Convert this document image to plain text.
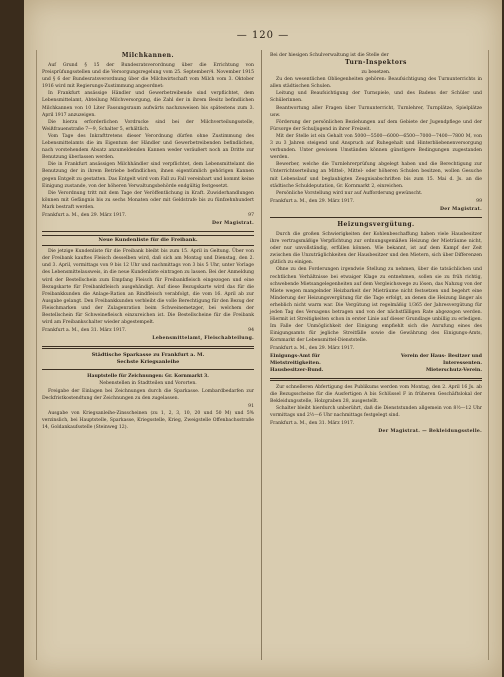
— 120 —
Milchkannen.

Auf Grund § 15 der Bundesratsverordnung über die Errichtung von Preisprüfungsstellen und die Versorgungsregelung vom 25. September/4. November 1915 und § 6 der Bundesratsverordnung über die Milchwirtschaft vom Milch vom 3. Oktober 1916 wird mit Regierungs-Zustimmung angeordnet:

In Frankfurt ansässige Händler und Gewerbetreibende sind verpflichtet, dem Lebensmittelamt, Abteilung Milchversorgung, die Zahl der in ihrem Besitz befindlichen Milchkannen von 10 Liter Fassungsraum aufwärts nachzuweisen bis spätestens zum 3. April 1917 anzuzeigen.

Die hierzu erforderlichen Vordrucke sind bei der Milchverteilungsstelle, Weißfrauenstraße 7—9, Schalter 5, erhältlich.

Vom Tage des Inkrafttretens dieser Verordnung dürfen ohne Zustimmung des Lebensmittelamts die im Eigentum der Händler und Gewerbetreibenden befindlichen, nach vorstehendem Absatz anzumeldenden Kannen weder veräußert noch an Dritte zur Benutzung überlassen werden.

Die in Frankfurt ansässigen Milchhändler sind verpflichtet, dem Lebensmittelamt die Benutzung der in ihrem Betriebe befindlichen, ihnen eigentümlich gehörigen Kannen gegen Entgelt zu gestatten. Das Entgelt wird vom Fall zu Fall vereinbart und kommt keine Einigung zustande, von der höheren Verwaltungsbehörde endgültig festgesetzt.

Die Verordnung tritt mit dem Tage der Veröffentlichung in Kraft. Zuwiderhandlungen können mit Gefängnis bis zu sechs Monaten oder mit Geldstrafe bis zu fünfzehnhundert Mark bestraft werden.

Frankfurt a. M., den 29. März 1917.	97
Der Magistrat.
Neue Kundenliste für die Freibank.

Die jetzige Kundenliste für die Freibank bleibt bis zum 15. April in Geltung. Über von der Freibank kauftes Fleisch desselben wird, daß sich am Montag und Dienstag, den 2. und 3. April, vormittags von 9 bis 12 Uhr und nachmittags von 3 bis 5 Uhr, unter Vorlage des Lebensmittelausweis, in die neue Kundenliste eintragen zu lassen. Bei der Anmeldung wird der Bestellschein zum Empfang Fleisch für Freibankfleisch eingezogen und eine Bezugskarte für Freibankfleisch ausgehändigt. Auf diese Bezugskarte wird das für die Freibankkunden die Anlage-Ration an Rindfleisch verabfolgt, die vom 16. April ab zur Ausgabe gelangt. Den Freibankkunden verbleibt die volle Berechtigung für den Bezug der Fleischmarken und der Zulagenration beim Schweinemetzger, bei welchem der Bestellschein für Schweinefleisch einzureichen ist. Die Bestellscheine für die Freibank wird am Freibankschalter wieder abgestempelt.

Frankfurt a. M., den 31. März 1917.	94
Lebensmittelamt, Fleischabteilung.
Städtische Sparkasse zu Frankfurt a. M.
Sechste Kriegsanleihe
Hauptstelle für Zeichnungen: Gr. Kornmarkt 3.
Nebenstellen in Stadtteilen und Vororten.

Freigabe der Einlagen bei Zeichnungen durch die Sparkasse. Lombardbedarfen zur Deckfristkostendtung der Zeichnungen zu den zugelassen.

91

Ausgabe von Kriegsanleihe-Zinsscheinen (zu 1, 2, 3, 10, 20 und 50 M) und 5% verzinslich, bei Hauptstelle, Sparkasse, Kriegsstelle, Krieg, Zweigstelle Offenbachsstraße 14, Goldankaufsstelle (Steinweg 12).

Bei der hiesigen Schulverwaltung ist die Stelle der
Turn-Inspektors
zu besetzen.

Zu den wesentlichen Obliegenheiten gehören: Beaufsichtigung des Turnunterrichts in allen städtischen Schulen.

Leitung und Beaufsichtigung der Turnspiele, und des Badens der Schüler und Schülerinnen.

Beantwortung aller Fragen über Turnunterricht, Turnlehrer, Turnplätze, Spielplätze usw.

Förderung der persönlichen Beziehungen auf dem Gebiete der Jugendpflege und der Fürsorge der Schuljugend in ihrer Freizeit.

Mit der Stelle ist ein Gehalt von 5000—5500—6000—6500—7000—7400—7800 M, von 3 zu 3 Jahren steigend und Anspruch auf Ruhegehalt und Hinterbliebenenversorgung verbunden. Unter gewissen Umständen können günstigere Bedingungen zugestanden werden.

Bewerber, welche die Turnlehrerprüfung abgelegt haben und die Berechtigung zur Unterrichtserteilung an Mittel-, Mittel- oder höheren Schulen besitzen, wollen Gesuche mit Lebenslauf und beglaubigten Zeugnisabschriften bis zum 15. Mai d. Js. an die städtische Schuldeputation, Gr. Kornmarkt 2, einreichen.

Persönliche Vorstellung wird nur auf Aufforderung gewünscht.

Frankfurt a. M., den 29. März 1917.	99
Der Magistrat.
Heizungsvergütung.

Durch die großen Schwierigkeiten der Kohlenbeschaffung haben viele Hausbesitzer ihre vertragsmäßige Verpflichtung zur ordnungsgemäßen Heizung der Mieträume nicht, oder nur unvollständig, erfüllen können. Wie bekannt, ist auf dem Kampf der Zeit zwischen die Unzuträglichkeiten der Hausbesitzer und den Mietern, sich über Differenzen gütlich zu einigen.

Ohne zu den Forderungen irgendwie Stellung zu nehmen, über die tatsächlichen und rechtlichen Verhältnisse bei etwaiger Klage zu entnehmen, sollen sie zu früh richtig, schwebende Mietsangelegenheiten auf dem Vergleichswege zu lösen, das Nahzug von der Miete wegen mangelnder Heizbarkeit der Mieträume nicht festsetzen und begehrt eine Minderung der Heizungsvergütung für die Tage erfolgt, an denen die Heizung länger als erheblich nicht warm war. Die Vergütung ist regelmäßig 1/365 der Jahresvergütung für jeden Tag des Versagens betragen und von der nächstfälligen Rate abgezogen werden. Hiermit ist Streitigkeiten schon in erster Linie auf dieser Grundlage unbillig zu erledigen. Im Falle der Unmöglichkeit der Einigung empfiehlt sich die Anrufung eines des Einigungsamts für jegliche Streitfälle sowie die Gewährung des Einigungs-Amts, Kornmarkt der Lebensmittel-Dienststelle.

Frankfurt a. M., den 29. März 1917.
Einigungs-Amt für Mietstreitigkeiten.
Verein der Haus- Besitzer und Interessenten.
Hausbesitzer-Bund.	Mieterschutz-Verein.

Zur schnelleren Abfertigung des Publikums werden vom Montag, den 2. April 16 Js. ab die Bezugsscheine für die Ausfertigen A bis Schlüssel F in früheren Geschäftslokal der Bekleidungsstelle, Holzgraben 28, ausgestellt.

Schalter bleibt hierdurch unberührt, daß die Dienststunden allgemein von 8½—12 Uhr vormittags und 2½—6 Uhr nachmittags festgelegt sind.

Frankfurt a. M., den 31. März 1917.
Der Magistrat. — Bekleidungsstelle.
